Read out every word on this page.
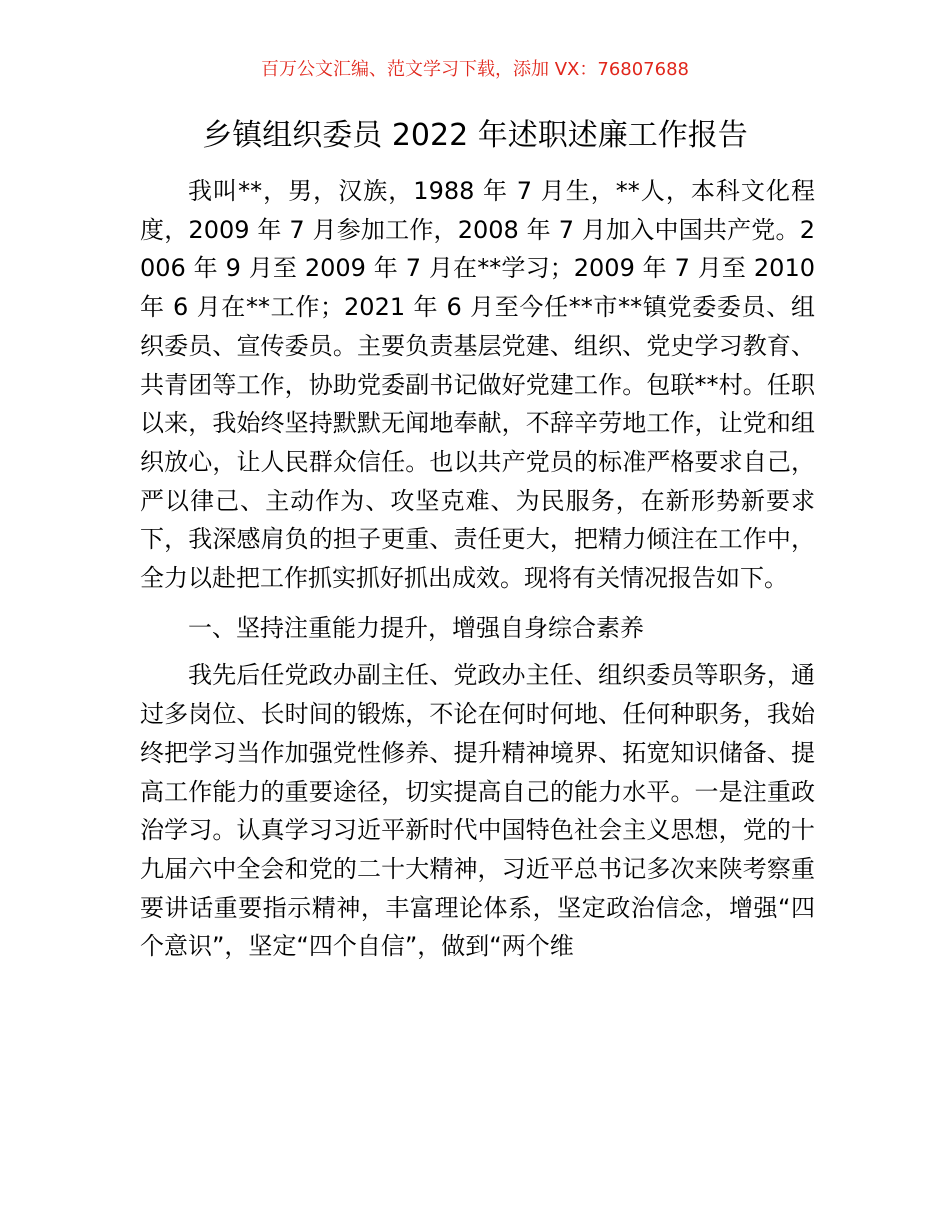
百万公文汇编、范文学习下载，添加 VX：76807688
乡镇组织委员 2022 年述职述廉工作报告

我叫**，男，汉族，1988 年 7 月生，**人，本科文化程度，2009 年 7 月参加工作，2008 年 7 月加入中国共产党。2006 年 9 月至 2009 年 7 月在**学习；2009 年 7 月至 2010 年 6 月在**工作；2021 年 6 月至今任**市**镇党委委员、组织委员、宣传委员。主要负责基层党建、组织、党史学习教育、共青团等工作，协助党委副书记做好党建工作。包联**村。任职以来，我始终坚持默默无闻地奉献，不辞辛劳地工作，让党和组织放心，让人民群众信任。也以共产党员的标准严格要求自己，严以律己、主动作为、攻坚克难、为民服务，在新形势新要求下，我深感肩负的担子更重、责任更大，把精力倾注在工作中，全力以赴把工作抓实抓好抓出成效。现将有关情况报告如下。

一、坚持注重能力提升，增强自身综合素养

我先后任党政办副主任、党政办主任、组织委员等职务，通过多岗位、长时间的锻炼，不论在何时何地、任何种职务，我始终把学习当作加强党性修养、提升精神境界、拓宽知识储备、提高工作能力的重要途径，切实提高自己的能力水平。一是注重政治学习。认真学习习近平新时代中国特色社会主义思想，党的十九届六中全会和党的二十大精神，习近平总书记多次来陕考察重要讲话重要指示精神，丰富理论体系，坚定政治信念，增强“四个意识”，坚定“四个自信”，做到“两个维
